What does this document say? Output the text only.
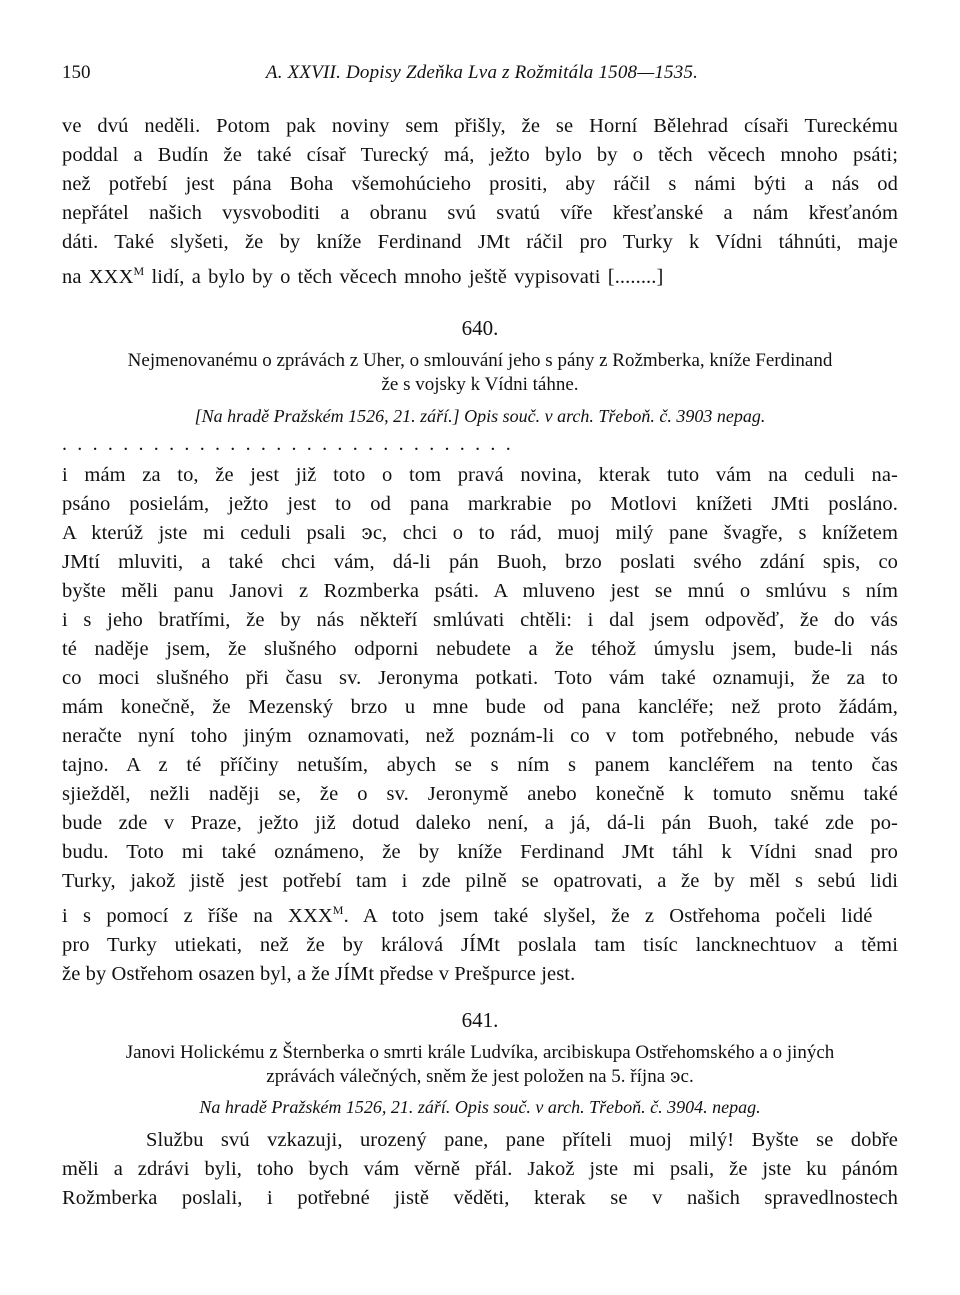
150	A. XXVII. Dopisy Zdeňka Lva z Rožmitála 1508—1535.
ve dvú neděli. Potom pak noviny sem přišly, že se Horní Bělehrad císaři Tureckému
poddal a Budín že také císař Turecký má, ježto bylo by o těch věcech mnoho psáti;
než potřebí jest pána Boha všemohúcieho prositi, aby ráčil s námi býti a nás od
nepřátel našich vysvoboditi a obranu svú svatú víře křesťanské a nám křesťanóm
dáti. Také slyšeti, že by kníže Ferdinand JMt ráčil pro Turky k Vídni táhnúti, maje
na $XXX^M$ lidí, a bylo by o těch věcech mnoho ještě vypisovati [........]
640.
Nejmenovanému o zprávách z Uher, o smlouvání jeho s pány z Rožmberka, kníže Ferdinand
že s vojsky k Vídni táhne.
[Na hradě Pražském 1526, 21. září.] Opis souč. v arch. Třeboň. č. 3903 nepag.
..............................
i mám za to, že jest již toto o tom pravá novina, kterak tuto vám na ceduli na-
psáno posielám, ježto jest to od pana markrabie po Motlovi knížeti JMti posláno.
A kterúž jste mi ceduli psali ꜿc, chci o to rád, muoj milý pane švagře, s knížetem
JMtí mluviti, a také chci vám, dá-li pán Buoh, brzo poslati svého zdání spis, co
byšte měli panu Janovi z Rozmberka psáti. A mluveno jest se mnú o smlúvu s ním
i s jeho bratřími, že by nás někteří smlúvati chtěli: i dal jsem odpověď, že do vás
té naděje jsem, že slušného odporni nebudete a že téhož úmyslu jsem, bude-li nás
co moci slušného při času sv. Jeronyma potkati. Toto vám také oznamuji, že za to
mám konečně, že Mezenský brzo u mne bude od pana kancléře; než proto žádám,
neračte nyní toho jiným oznamovati, než poznám-li co v tom potřebného, nebude vás
tajno. A z té příčiny netuším, abych se s ním s panem kancléřem na tento čas
sjiežděl, nežli naději se, že o sv. Jeronymě anebo konečně k tomuto sněmu také
bude zde v Praze, ježto již dotud daleko není, a já, dá-li pán Buoh, také zde po-
budu. Toto mi také oznámeno, že by kníže Ferdinand JMt táhl k Vídni snad pro
Turky, jakož jistě jest potřebí tam i zde pilně se opatrovati, a že by měl s sebú lidi
i s pomocí z říše na $XXX^M$. A toto jsem také slyšel, že z Ostřehoma počeli lidé
pro Turky utiekati, než že by králová JÍMt poslala tam tisíc lancknechtuov a těmi
že by Ostřehom osazen byl, a že JÍMt předse v Prešpurce jest.
641.
Janovi Holickému z Šternberka o smrti krále Ludvíka, arcibiskupa Ostřehomského a o jiných
zprávách válečných, sněm že jest položen na 5. října ꜿc.
Na hradě Pražském 1526, 21. září. Opis souč. v arch. Třeboň. č. 3904. nepag.
Službu svú vzkazuji, urozený pane, pane příteli muoj milý! Byšte se dobře
měli a zdrávi byli, toho bych vám věrně přál. Jakož jste mi psali, že jste ku pánóm
Rožmberka poslali, i potřebné jistě věděti, kterak se v našich spravedlnostech
